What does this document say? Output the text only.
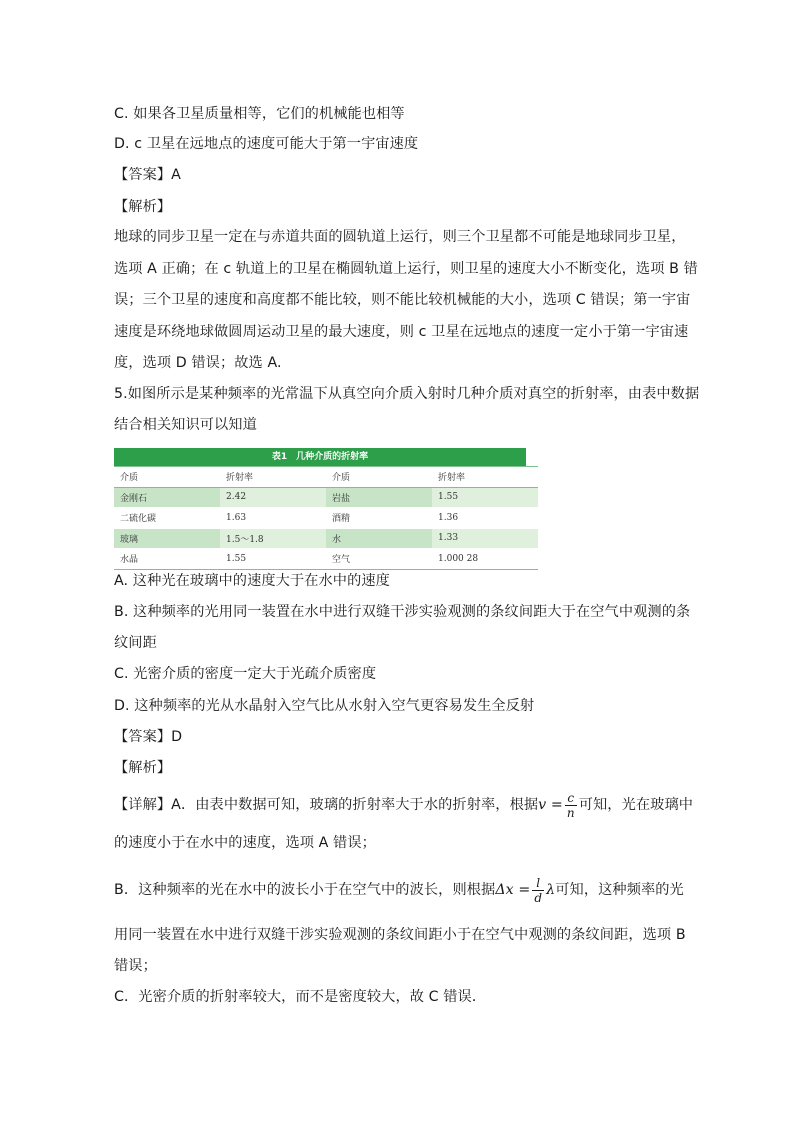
C. 如果各卫星质量相等，它们的机械能也相等
D. c 卫星在远地点的速度可能大于第一宇宙速度
【答案】A
【解析】
地球的同步卫星一定在与赤道共面的圆轨道上运行，则三个卫星都不可能是地球同步卫星，
选项 A 正确；在 c 轨道上的卫星在椭圆轨道上运行，则卫星的速度大小不断变化，选项 B 错
误；三个卫星的速度和高度都不能比较，则不能比较机械能的大小，选项 C 错误；第一宇宙
速度是环绕地球做圆周运动卫星的最大速度，则 c 卫星在远地点的速度一定小于第一宇宙速
度，选项 D 错误；故选 A.
5.如图所示是某种频率的光常温下从真空向介质入射时几种介质对真空的折射率，由表中数据
结合相关知识可以知道
表1　几种介质的折射率
介质	折射率	介质	折射率
金刚石	2.42	岩盐	1.55
二硫化碳	1.63	酒精	1.36
玻璃	1.5～1.8	水	1.33
水晶	1.55	空气	1.000 28
A. 这种光在玻璃中的速度大于在水中的速度
B. 这种频率的光用同一装置在水中进行双缝干涉实验观测的条纹间距大于在空气中观测的条
纹间距
C. 光密介质的密度一定大于光疏介质密度
D. 这种频率的光从水晶射入空气比从水射入空气更容易发生全反射
【答案】D
【解析】
【详解】A．由表中数据可知，玻璃的折射率大于水的折射率，根据$v = \frac{c}{n}$ 可知，光在玻璃中
的速度小于在水中的速度，选项 A 错误；
B．这种频率的光在水中的波长小于在空气中的波长，则根据$\Delta x = \frac{l}{d}$ λ可知，这种频率的光
用同一装置在水中进行双缝干涉实验观测的条纹间距小于在空气中观测的条纹间距，选项 B
错误；
C．光密介质的折射率较大，而不是密度较大，故 C 错误．
